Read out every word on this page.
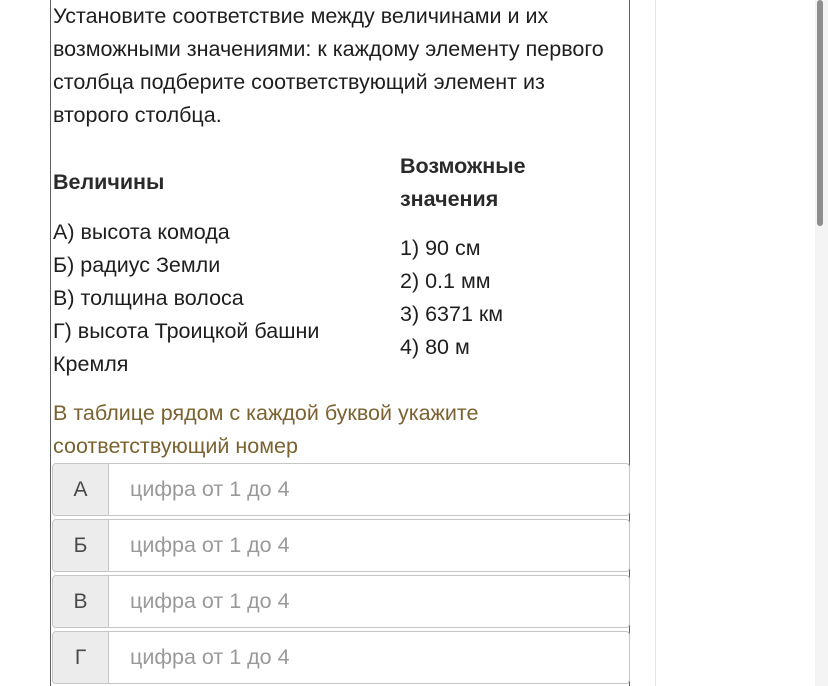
Установите соответствие между величинами и их возможными значениями: к каждому элементу первого столбца подберите соответствующий элемент из второго столбца.

Величины

Возможные значения

А) высота комода
Б) радиус Земли
В) толщина волоса
Г) высота Троицкой башни Кремля
1) 90 см
2) 0.1 мм
3) 6371 км
4) 80 м

В таблице рядом с каждой буквой укажите соответствующий номер

А
цифра от 1 до 4
Б
цифра от 1 до 4
В
цифра от 1 до 4
Г
цифра от 1 до 4
